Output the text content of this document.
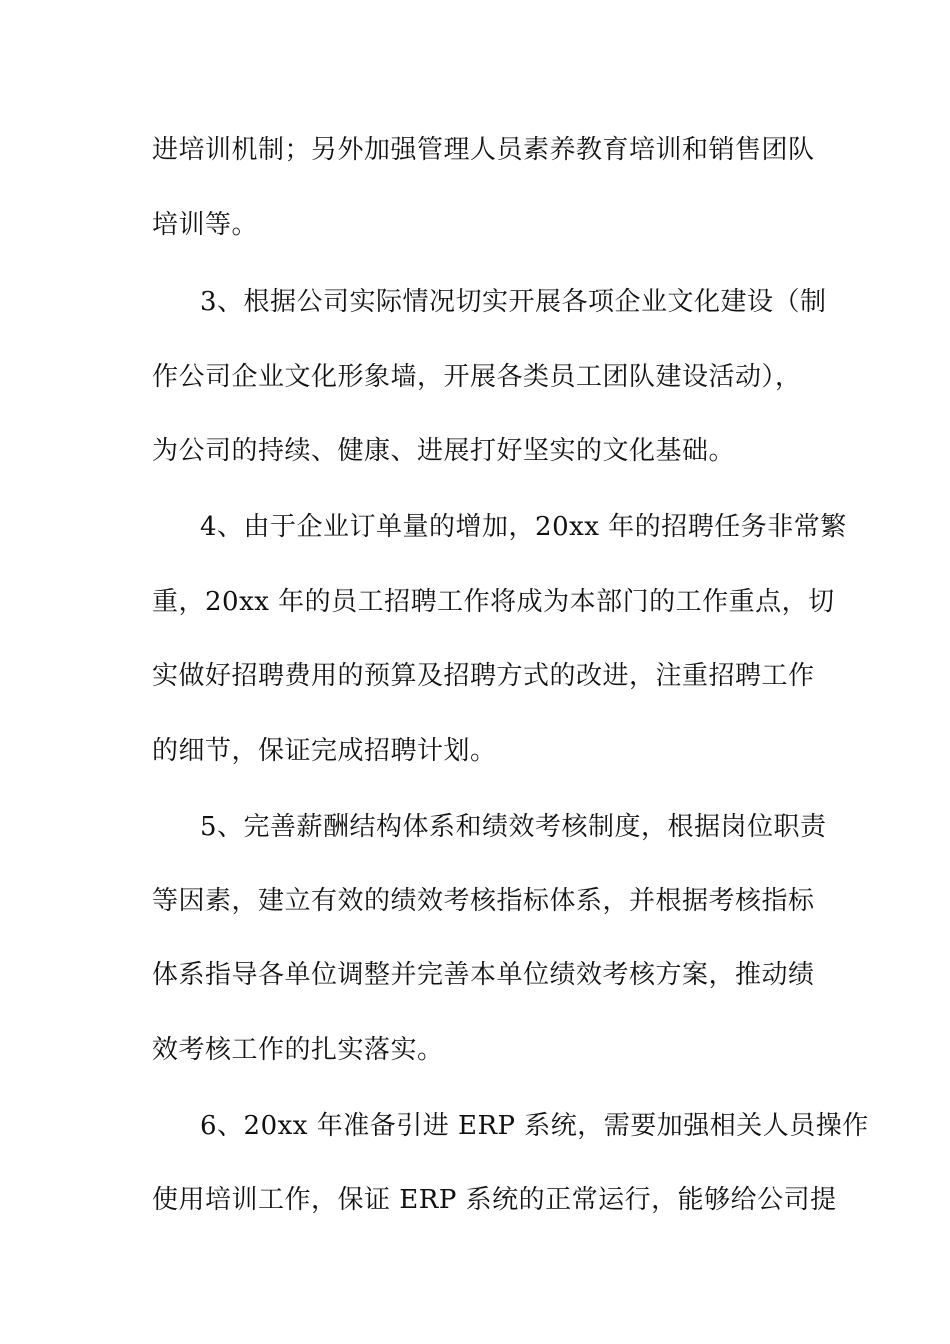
进培训机制；另外加强管理人员素养教育培训和销售团队
培训等。
3、根据公司实际情况切实开展各项企业文化建设（制
作公司企业文化形象墙，开展各类员工团队建设活动），
为公司的持续、健康、进展打好坚实的文化基础。
4、由于企业订单量的增加，20xx 年的招聘任务非常繁
重，20xx 年的员工招聘工作将成为本部门的工作重点，切
实做好招聘费用的预算及招聘方式的改进，注重招聘工作
的细节，保证完成招聘计划。
5、完善薪酬结构体系和绩效考核制度，根据岗位职责
等因素，建立有效的绩效考核指标体系，并根据考核指标
体系指导各单位调整并完善本单位绩效考核方案，推动绩
效考核工作的扎实落实。
6、20xx 年准备引进 ERP 系统，需要加强相关人员操作
使用培训工作，保证 ERP 系统的正常运行，能够给公司提
